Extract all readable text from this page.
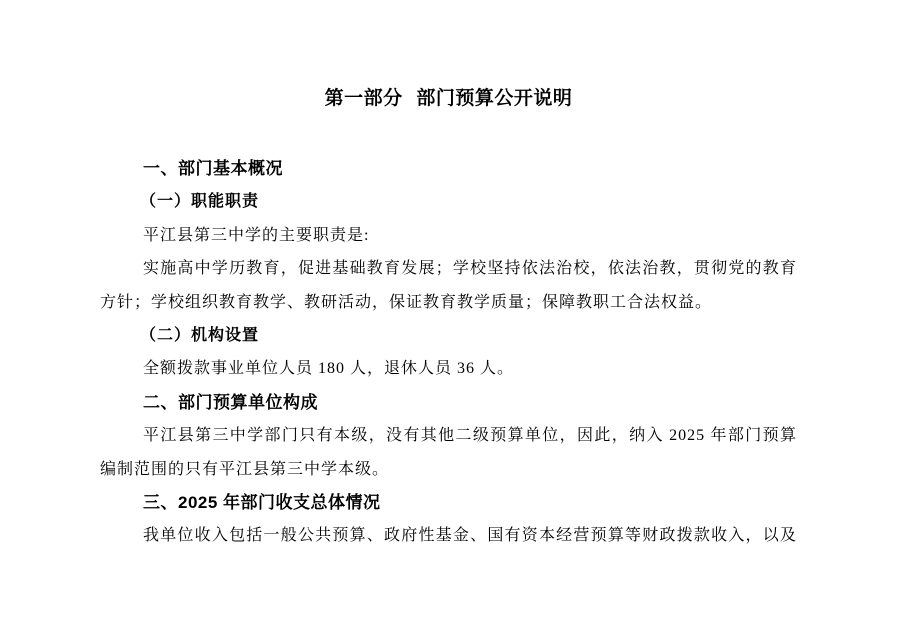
第一部分 部门预算公开说明
一、部门基本概况
（一）职能职责
平江县第三中学的主要职责是:
实施高中学历教育，促进基础教育发展；学校坚持依法治校，依法治教，贯彻党的教育
方针；学校组织教育教学、教研活动，保证教育教学质量；保障教职工合法权益。
（二）机构设置
全额拨款事业单位人员 180 人，退休人员 36 人。
二、部门预算单位构成
平江县第三中学部门只有本级，没有其他二级预算单位，因此，纳入 2025 年部门预算
编制范围的只有平江县第三中学本级。
三、2025 年部门收支总体情况
我单位收入包括一般公共预算、政府性基金、国有资本经营预算等财政拨款收入，以及
